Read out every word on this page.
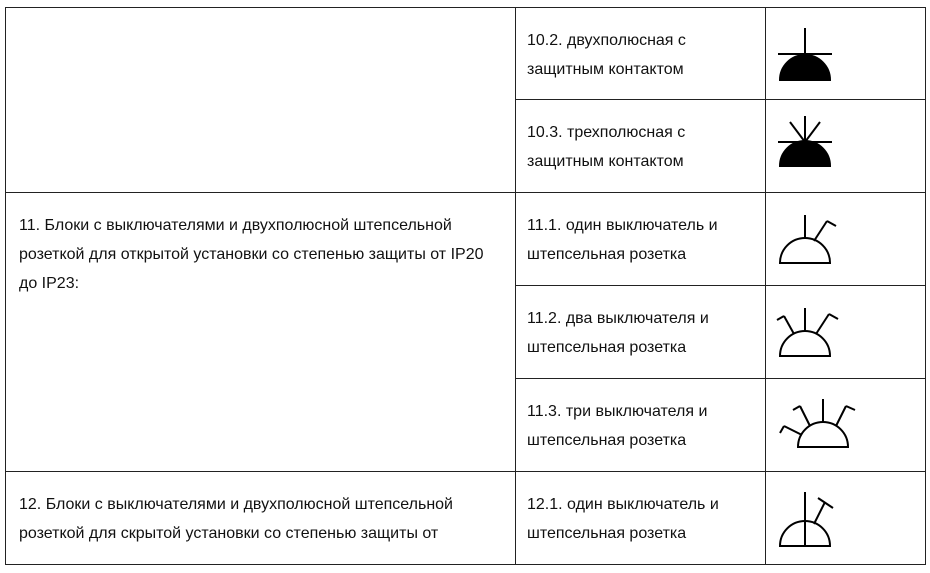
	10.2. двухполюсная с защитным контактом

	10.3. трехполюсная с защитным контактом

11. Блоки с выключателями и двухполюсной штепсельной розеткой для открытой установки со степенью защиты от IP20 до IP23:	11.1. один выключатель и штепсельная розетка

	11.2. два выключателя и штепсельная розетка

	11.3. три выключателя и штепсельная розетка

12. Блоки с выключателями и двухполюсной штепсельной розеткой для скрытой установки со степенью защиты от	12.1. один выключатель и штепсельная розетка
